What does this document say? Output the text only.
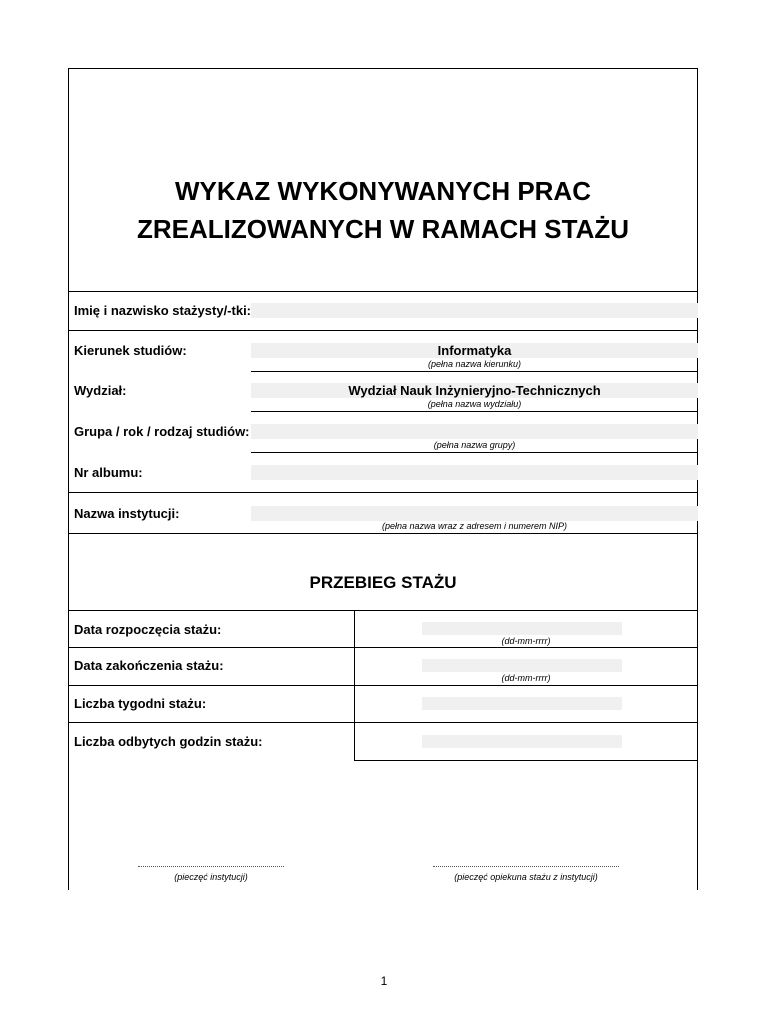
WYKAZ WYKONYWANYCH PRAC
ZREALIZOWANYCH W RAMACH STAŻU
Imię i nazwisko stażysty/-tki:
Kierunek studiów:	Informatyka
(pełna nazwa kierunku)
Wydział:	Wydział Nauk Inżynieryjno-Technicznych
(pełna nazwa wydziału)
Grupa / rok / rodzaj studiów:
(pełna nazwa grupy)
Nr albumu:
Nazwa instytucji:
(pełna nazwa wraz z adresem i numerem NIP)
PRZEBIEG STAŻU
Data rozpoczęcia stażu:
(dd-mm-rrrr)
Data zakończenia stażu:
(dd-mm-rrrr)
Liczba tygodni stażu:
Liczba odbytych godzin stażu:
(pieczęć instytucji)	(pieczęć opiekuna stażu z instytucji)
1
